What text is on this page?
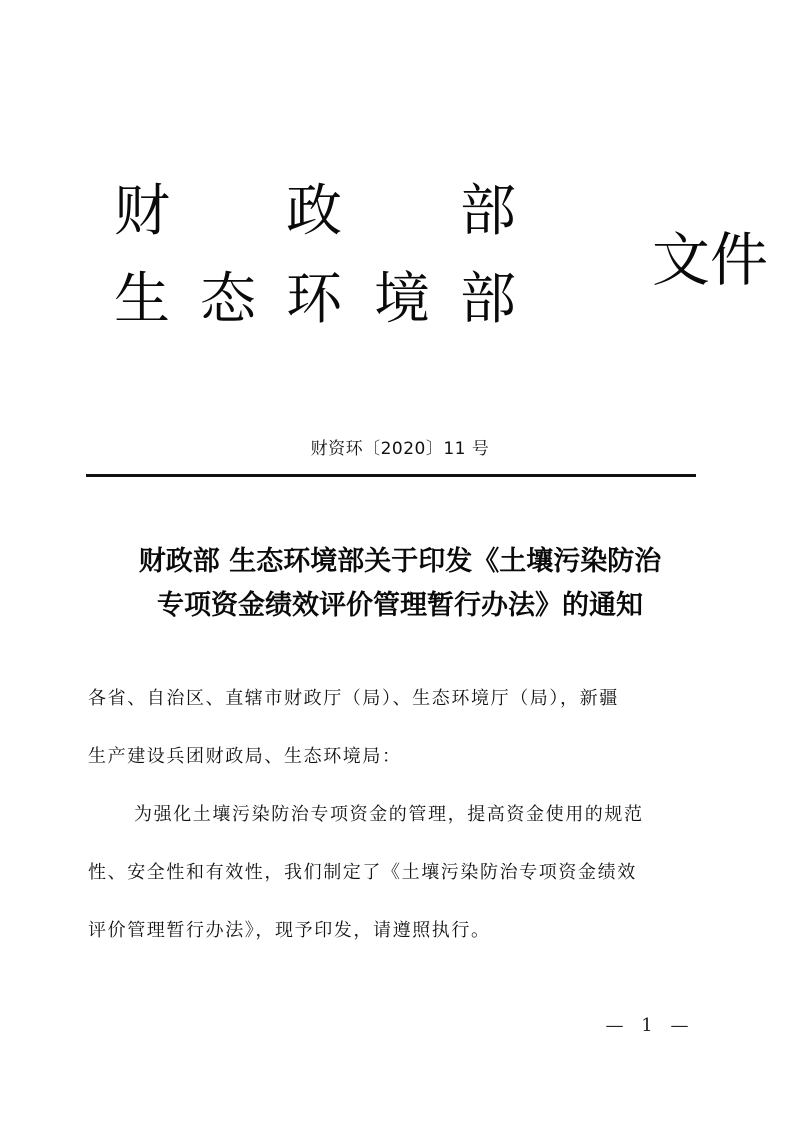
财 政 部
生 态 环 境 部
文件
财资环〔2020〕11 号
财政部 生态环境部关于印发《土壤污染防治
专项资金绩效评价管理暂行办法》的通知
各省、自治区、直辖市财政厅（局）、生态环境厅（局），新疆
生产建设兵团财政局、生态环境局：
为强化土壤污染防治专项资金的管理，提高资金使用的规范
性、安全性和有效性，我们制定了《土壤污染防治专项资金绩效
评价管理暂行办法》，现予印发，请遵照执行。
— 1 —
